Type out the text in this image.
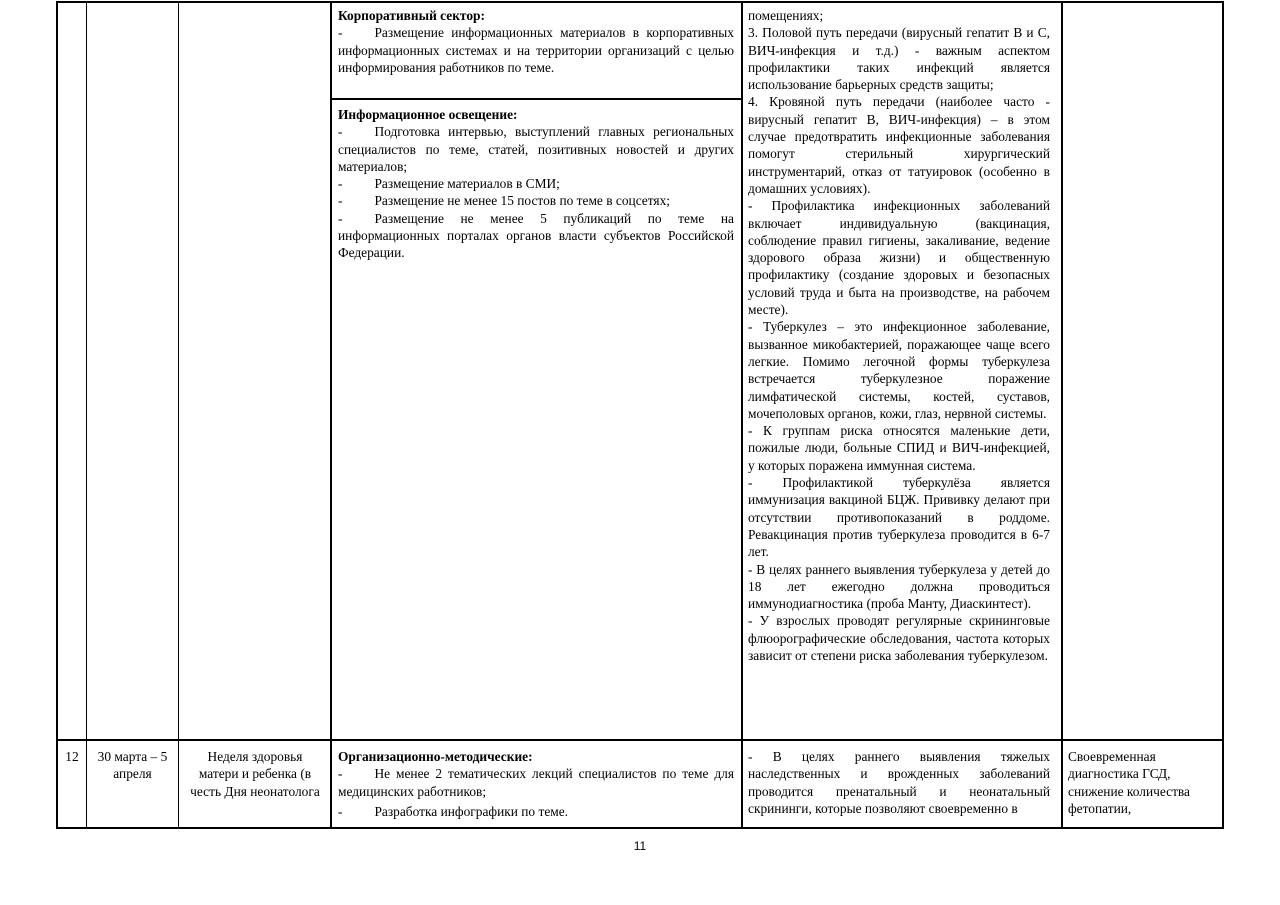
Корпоративный сектор:

- Размещение информационных материалов в корпоративных информационных системах и на территории организаций с целью информирования работников по теме.

Информационное освещение:

- Подготовка интервью, выступлений главных региональных специалистов по теме, статей, позитивных новостей и других материалов;

- Размещение материалов в СМИ;

- Размещение не менее 15 постов по теме в соцсетях;

- Размещение не менее 5 публикаций по теме на информационных порталах органов власти субъектов Российской Федерации.

помещениях;

3. Половой путь передачи (вирусный гепатит В и С, ВИЧ-инфекция и т.д.) - важным аспектом профилактики таких инфекций является использование барьерных средств защиты;

4. Кровяной путь передачи (наиболее часто - вирусный гепатит В, ВИЧ-инфекция) – в этом случае предотвратить инфекционные заболевания помогут стерильный хирургический инструментарий, отказ от татуировок (особенно в домашних условиях).

- Профилактика инфекционных заболеваний включает индивидуальную (вакцинация, соблюдение правил гигиены, закаливание, ведение здорового образа жизни) и общественную профилактику (создание здоровых и безопасных условий труда и быта на производстве, на рабочем месте).

- Туберкулез – это инфекционное заболевание, вызванное микобактерией, поражающее чаще всего легкие. Помимо легочной формы туберкулеза встречается туберкулезное поражение лимфатической системы, костей, суставов, мочеполовых органов, кожи, глаз, нервной системы.

- К группам риска относятся маленькие дети, пожилые люди, больные СПИД и ВИЧ-инфекцией, у которых поражена иммунная система.

- Профилактикой туберкулёза является иммунизация вакциной БЦЖ. Прививку делают при отсутствии противопоказаний в роддоме. Ревакцинация против туберкулеза проводится в 6-7 лет.

- В целях раннего выявления туберкулеза у детей до 18 лет ежегодно должна проводиться иммунодиагностика (проба Манту, Диаскинтест).

- У взрослых проводят регулярные скрининговые флюорографические обследования, частота которых зависит от степени риска заболевания туберкулезом.

12	30 марта – 5 апреля
Неделя здоровья матери и ребенка (в честь Дня неонатолога

Организационно-методические:

- Не менее 2 тематических лекций специалистов по теме для медицинских работников;

- Разработка инфографики по теме.

- В целях раннего выявления тяжелых наследственных и врожденных заболеваний проводится пренатальный и неонатальный скрининги, которые позволяют своевременно в
Своевременная диагностика ГСД, снижение количества фетопатии,
11
